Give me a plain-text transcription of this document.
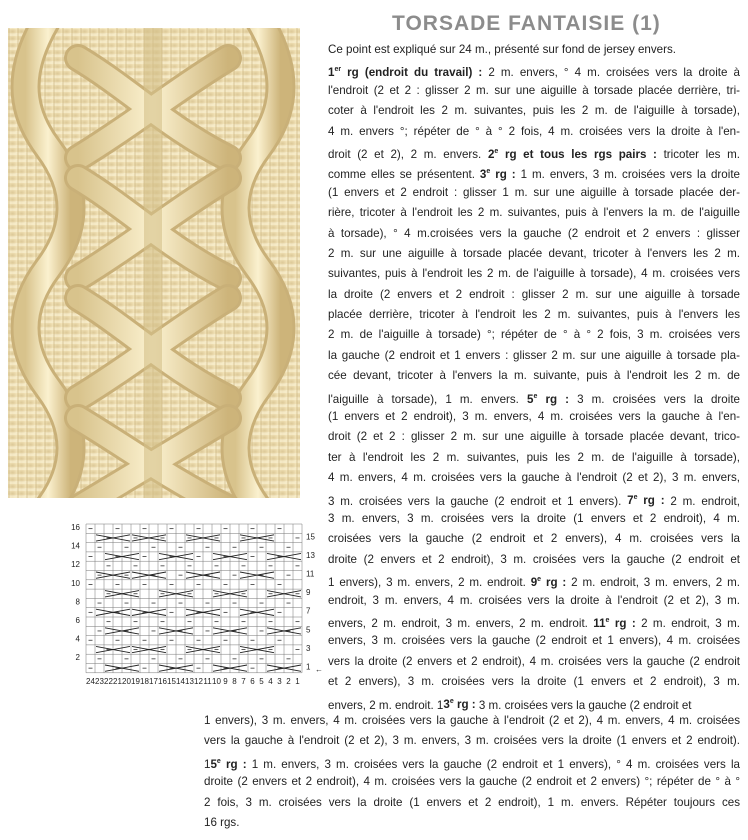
TORSADE FANTAISIE (1)
16
14
12
10
8
6
4
2
15
13
11
9
7
5
3
1 ←
24 23 22 21 20 19 18 17 16 15 14 13 12 11 10 9 8 7 6 5 4 3 2 1
Ce point est expliqué sur 24 m., présenté sur fond de jersey envers.
1er rg (endroit du travail) : 2 m. envers, ° 4 m. croisées vers la droite à
l'endroit (2 et 2 : glisser 2 m. sur une aiguille à torsade placée derrière, tri-
coter à l'endroit les 2 m. suivantes, puis les 2 m. de l'aiguille à torsade),
4 m. envers °; répéter de ° à ° 2 fois, 4 m. croisées vers la droite à l'en-
droit (2 et 2), 2 m. envers. 2e rg et tous les rgs pairs : tricoter les m.
comme elles se présentent. 3e rg : 1 m. envers, 3 m. croisées vers la droite
(1 envers et 2 endroit : glisser 1 m. sur une aiguille à torsade placée der-
rière, tricoter à l'endroit les 2 m. suivantes, puis à l'envers la m. de l'aiguille
à torsade), ° 4 m.croisées vers la gauche (2 endroit et 2 envers : glisser
2 m. sur une aiguille à torsade placée devant, tricoter à l'envers les 2 m.
suivantes, puis à l'endroit les 2 m. de l'aiguille à torsade), 4 m. croisées vers
la droite (2 envers et 2 endroit : glisser 2 m. sur une aiguille à torsade
placée derrière, tricoter à l'endroit les 2 m. suivantes, puis à l'envers les
2 m. de l'aiguille à torsade) °; répéter de ° à ° 2 fois, 3 m. croisées vers
la gauche (2 endroit et 1 envers : glisser 2 m. sur une aiguille à torsade pla-
cée devant, tricoter à l'envers la m. suivante, puis à l'endroit les 2 m. de
l'aiguille à torsade), 1 m. envers. 5e rg : 3 m. croisées vers la droite
(1 envers et 2 endroit), 3 m. envers, 4 m. croisées vers la gauche à l'en-
droit (2 et 2 : glisser 2 m. sur une aiguille à torsade placée devant, trico-
ter à l'endroit les 2 m. suivantes, puis les 2 m. de l'aiguille à torsade),
4 m. envers, 4 m. croisées vers la gauche à l'endroit (2 et 2), 3 m. envers,
3 m. croisées vers la gauche (2 endroit et 1 envers). 7e rg : 2 m. endroit,
3 m. envers, 3 m. croisées vers la droite (1 envers et 2 endroit), 4 m.
croisées vers la gauche (2 endroit et 2 envers), 4 m. croisées vers la
droite (2 envers et 2 endroit), 3 m. croisées vers la gauche (2 endroit et
1 envers), 3 m. envers, 2 m. endroit. 9e rg : 2 m. endroit, 3 m. envers, 2 m.
endroit, 3 m. envers, 4 m. croisées vers la droite à l'endroit (2 et 2), 3 m.
envers, 2 m. endroit, 3 m. envers, 2 m. endroit. 11e rg : 2 m. endroit, 3 m.
envers, 3 m. croisées vers la gauche (2 endroit et 1 envers), 4 m. croisées
vers la droite (2 envers et 2 endroit), 4 m. croisées vers la gauche (2 endroit
et 2 envers), 3 m. croisées vers la droite (1 envers et 2 endroit), 3 m.
envers, 2 m. endroit. 13e rg : 3 m. croisées vers la gauche (2 endroit et
1 envers), 3 m. envers, 4 m. croisées vers la gauche à l'endroit (2 et 2), 4 m. envers, 4 m. croisées
vers la gauche à l'endroit (2 et 2), 3 m. envers, 3 m. croisées vers la droite (1 envers et 2 endroit).
15e rg : 1 m. envers, 3 m. croisées vers la gauche (2 endroit et 1 envers), ° 4 m. croisées vers la
droite (2 envers et 2 endroit), 4 m. croisées vers la gauche (2 endroit et 2 envers) °; répéter de ° à °
2 fois, 3 m. croisées vers la droite (1 envers et 2 endroit), 1 m. envers. Répéter toujours ces
16 rgs.
